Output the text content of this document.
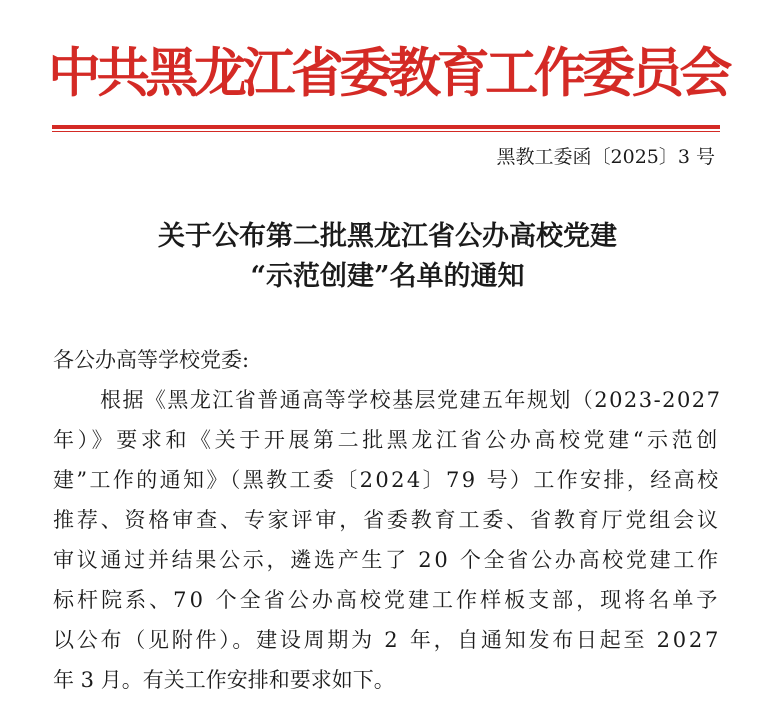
中共黑龙江省委教育工作委员会
黑教工委函〔2025〕3 号
关于公布第二批黑龙江省公办高校党建
“示范创建”名单的通知
各公办高等学校党委:
根据《黑龙江省普通高等学校基层党建五年规划（2023-2027
年）》要求和《关于开展第二批黑龙江省公办高校党建“示范创
建”工作的通知》（黑教工委〔2024〕79 号）工作安排，经高校
推荐、资格审查、专家评审，省委教育工委、省教育厅党组会议
审议通过并结果公示，遴选产生了 20 个全省公办高校党建工作
标杆院系、70 个全省公办高校党建工作样板支部，现将名单予
以公布（见附件）。建设周期为 2 年，自通知发布日起至 2027
年 3 月。有关工作安排和要求如下。
